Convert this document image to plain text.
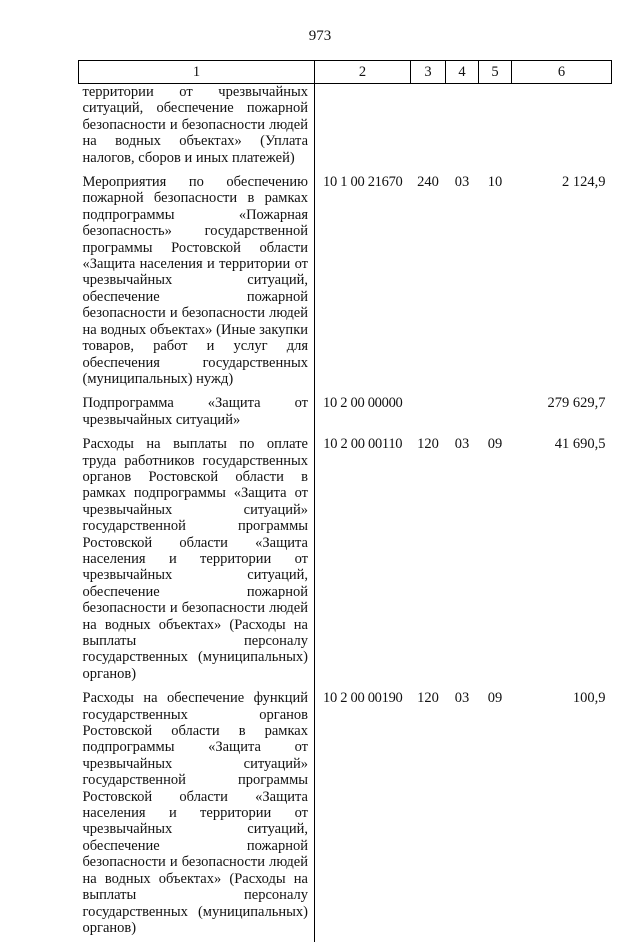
973
1	2	3	4	5	6
территории от чрезвычайных ситуаций, обеспечение пожарной безопасности и безопасности людей на водных объектах» (Уплата налогов, сборов и иных платежей)					
Мероприятия по обеспечению пожарной безопасности в рамках подпрограммы «Пожарная безопасность» государственной программы Ростовской области «Защита населения и территории от чрезвычайных ситуаций, обеспечение пожарной безопасности и безопасности людей на водных объектах» (Иные закупки товаров, работ и услуг для обеспечения государственных (муниципальных) нужд)	10 1 00 21670	240	03	10	2 124,9
Подпрограмма «Защита от чрезвычайных ситуаций»	10 2 00 00000				279 629,7
Расходы на выплаты по оплате труда работников государственных органов Ростовской области в рамках подпрограммы «Защита от чрезвычайных ситуаций» государственной программы Ростовской области «Защита населения и территории от чрезвычайных ситуаций, обеспечение пожарной безопасности и безопасности людей на водных объектах» (Расходы на выплаты персоналу государственных (муниципальных) органов)	10 2 00 00110	120	03	09	41 690,5
Расходы на обеспечение функций государственных органов Ростовской области в рамках подпрограммы «Защита от чрезвычайных ситуаций» государственной программы Ростовской области «Защита населения и территории от чрезвычайных ситуаций, обеспечение пожарной безопасности и безопасности людей на водных объектах» (Расходы на выплаты персоналу государственных (муниципальных) органов)	10 2 00 00190	120	03	09	100,9
